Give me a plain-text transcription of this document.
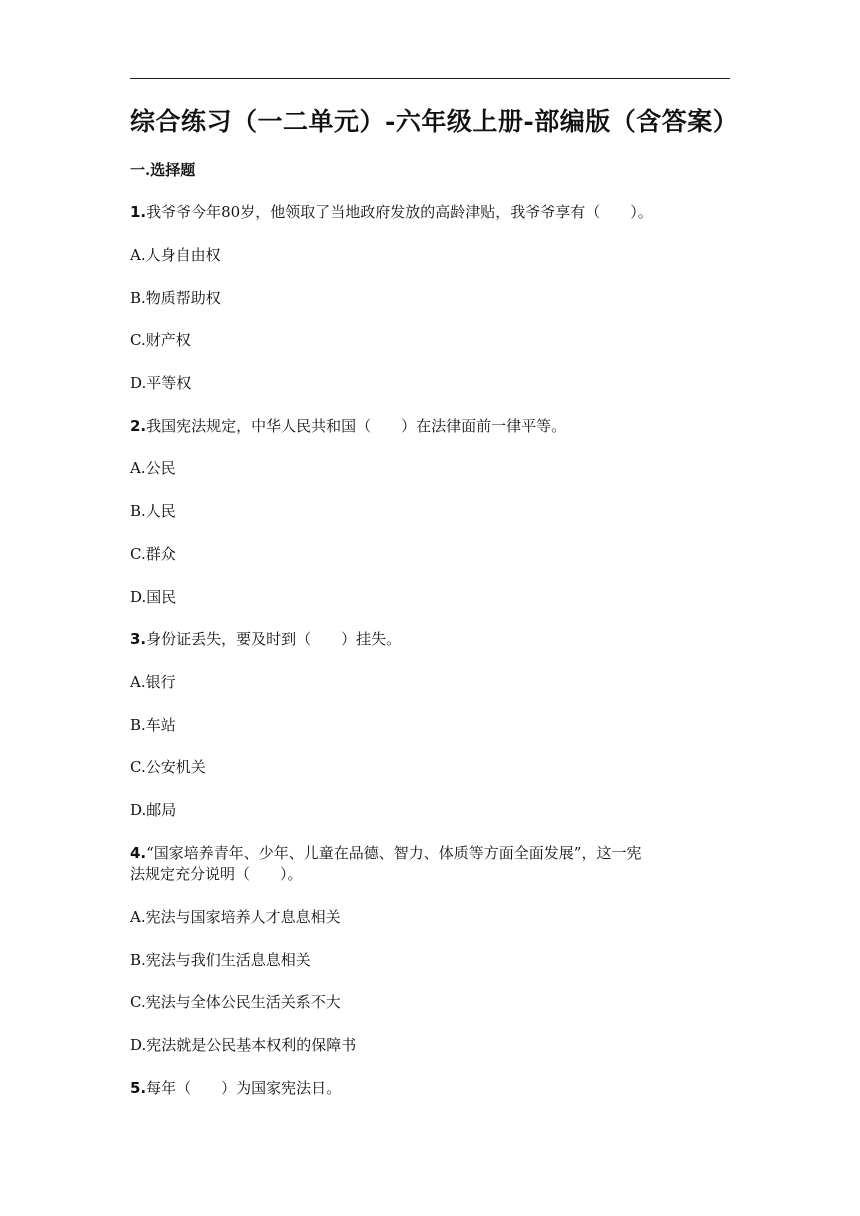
综合练习（一二单元）-六年级上册-部编版（含答案）
一.选择题
1.我爷爷今年80岁，他领取了当地政府发放的高龄津贴，我爷爷享有（　　）。
A.人身自由权
B.物质帮助权
C.财产权
D.平等权
2.我国宪法规定，中华人民共和国（　　）在法律面前一律平等。
A.公民
B.人民
C.群众
D.国民
3.身份证丢失，要及时到（　　）挂失。
A.银行
B.车站
C.公安机关
D.邮局
4.“国家培养青年、少年、儿童在品德、智力、体质等方面全面发展”，这一宪
法规定充分说明（　　）。
A.宪法与国家培养人才息息相关
B.宪法与我们生活息息相关
C.宪法与全体公民生活关系不大
D.宪法就是公民基本权利的保障书
5.每年（　　）为国家宪法日。
